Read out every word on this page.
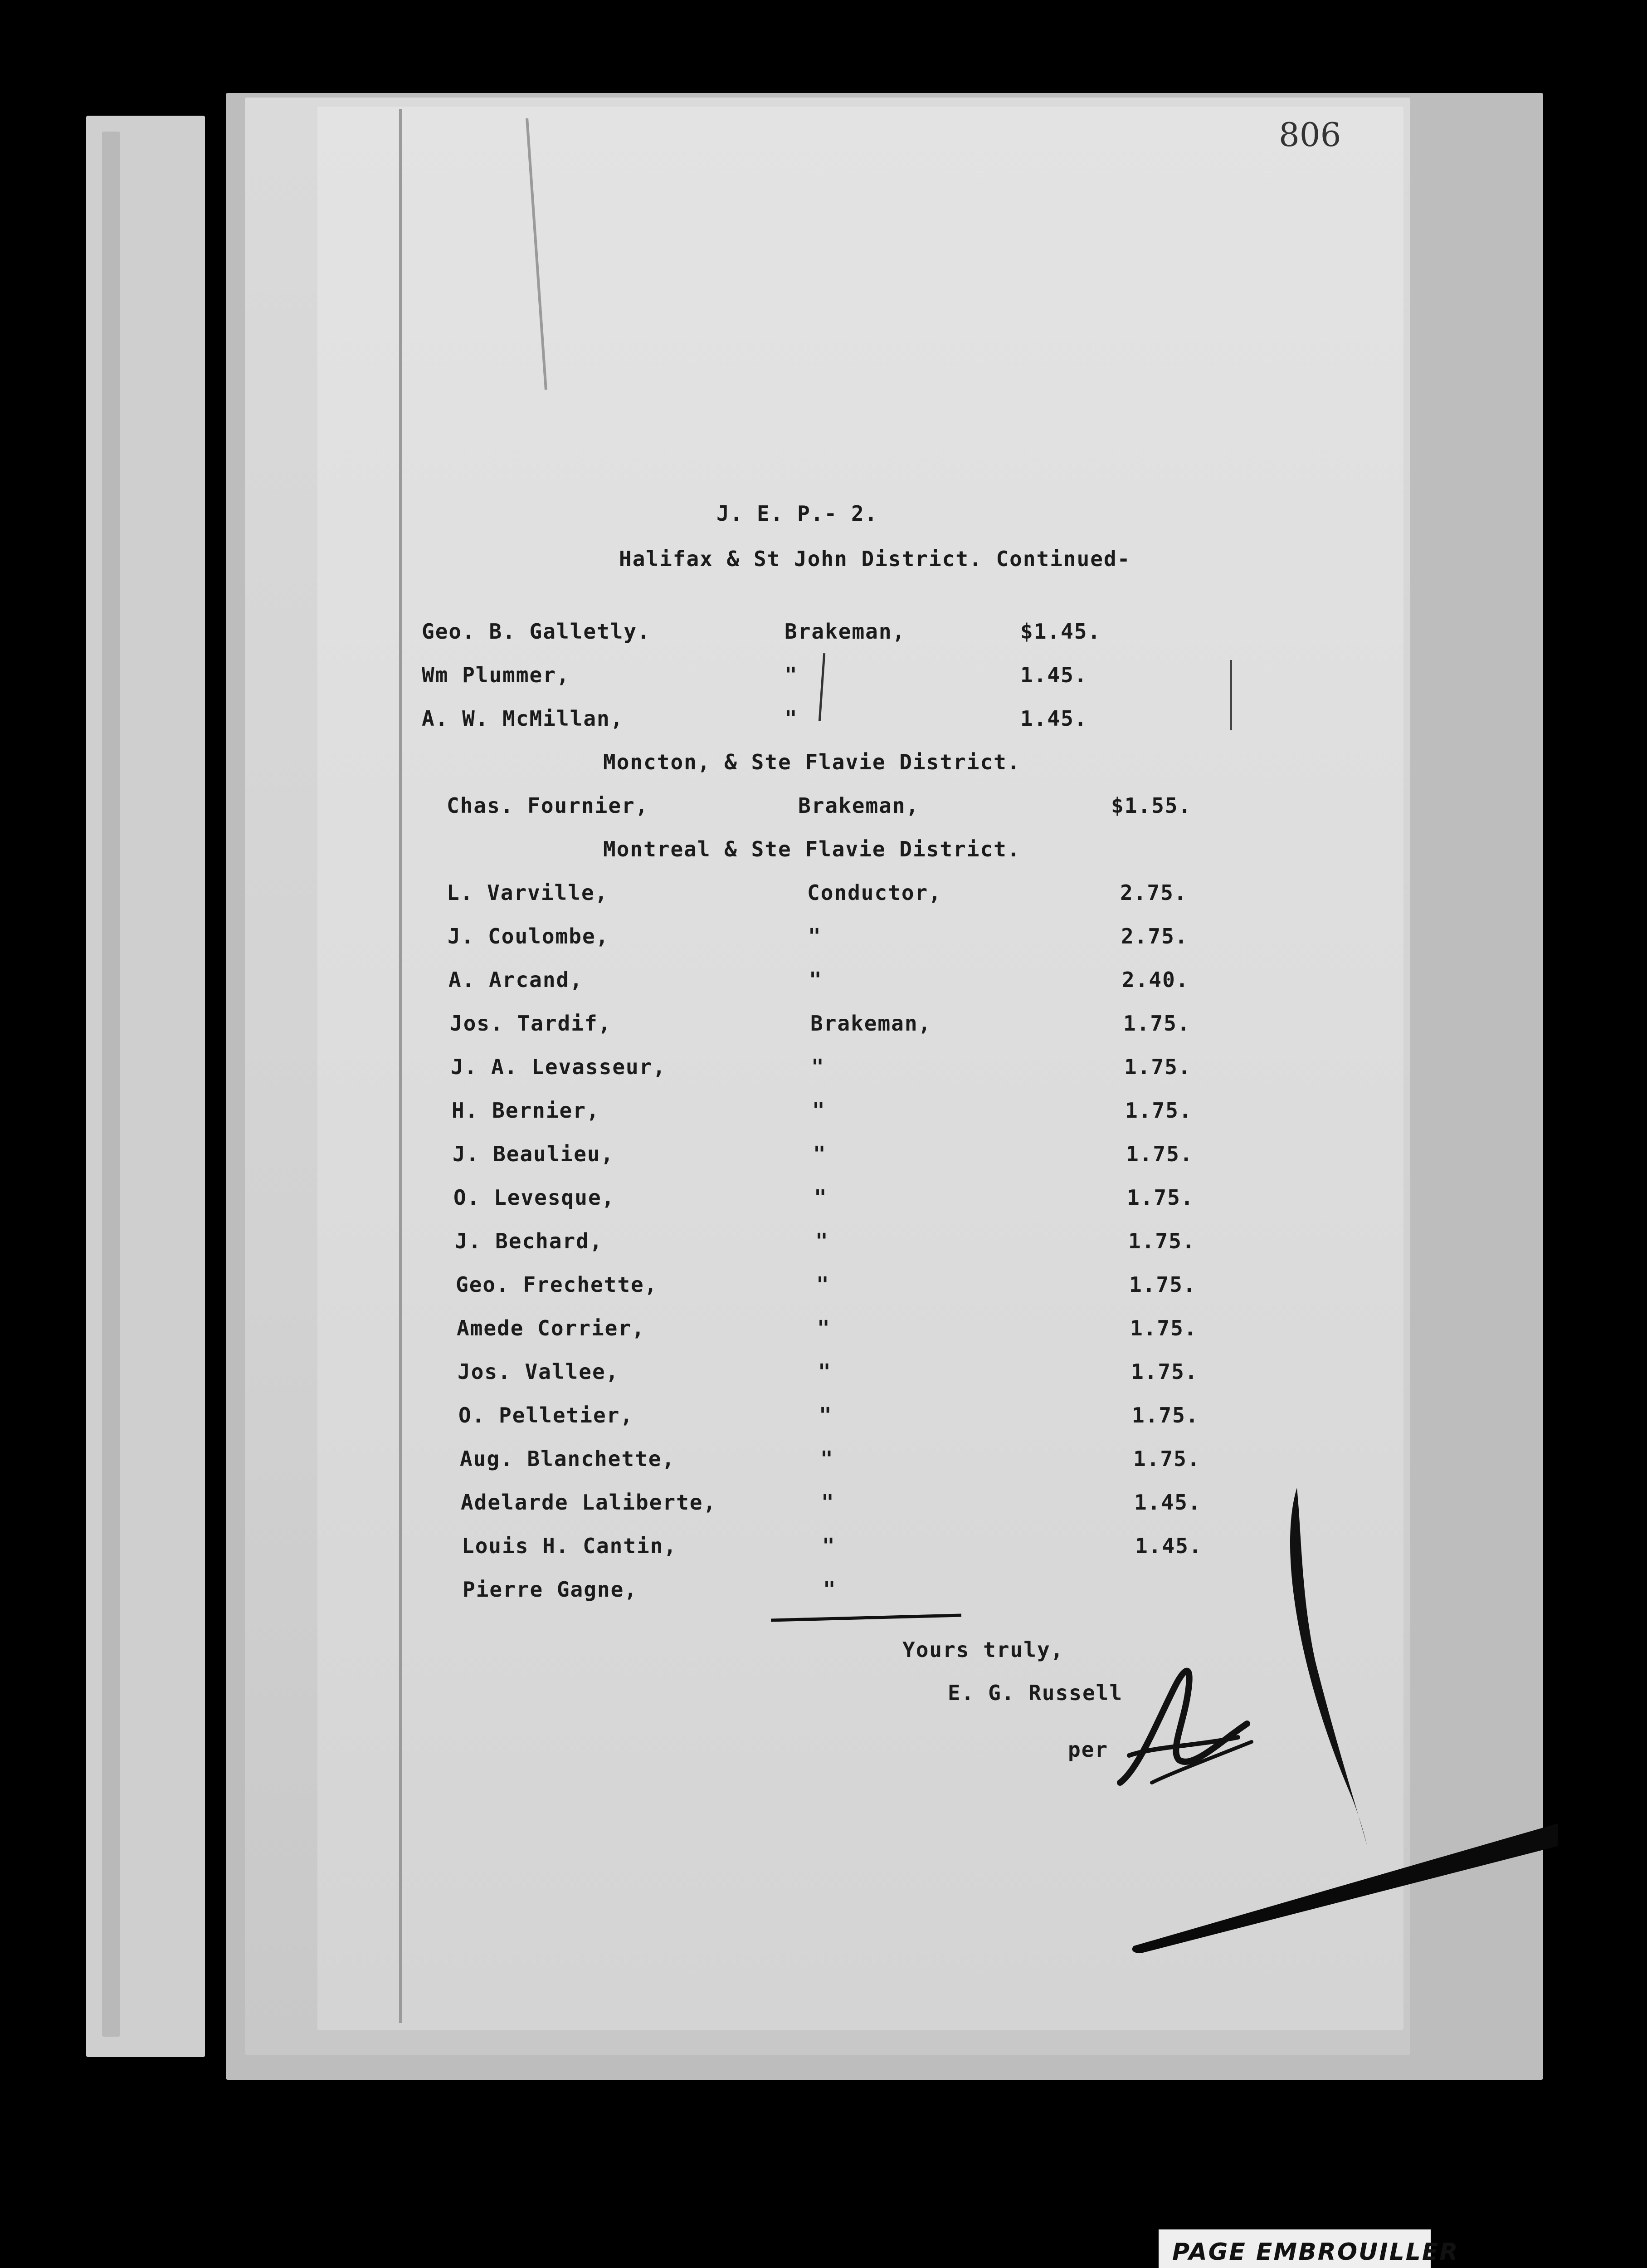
806
J. E. P.- 2.
Halifax & St John District. Continued-
Geo. B. Galletly.	Brakeman,	$1.45.
Wm Plummer,	"	1.45.
A. W. McMillan,	"	1.45.
Moncton, & Ste Flavie District.
Chas. Fournier,	Brakeman,	$1.55.
Montreal & Ste Flavie District.
L. Varville,	Conductor,	2.75.
J. Coulombe,	"	2.75.
A. Arcand,	"	2.40.
Jos. Tardif,	Brakeman,	1.75.
J. A. Levasseur,	"	1.75.
H. Bernier,	"	1.75.
J. Beaulieu,	"	1.75.
O. Levesque,	"	1.75.
J. Bechard,	"	1.75.
Geo. Frechette,	"	1.75.
Amede Corrier,	"	1.75.
Jos. Vallee,	"	1.75.
O. Pelletier,	"	1.75.
Aug. Blanchette,	"	1.75.
Adelarde Laliberte,	"	1.45.
Louis H. Cantin,	"	1.45.
Pierre Gagne,	"
Yours truly,
E. G. Russell
per
PAGE EMBROUILLER
